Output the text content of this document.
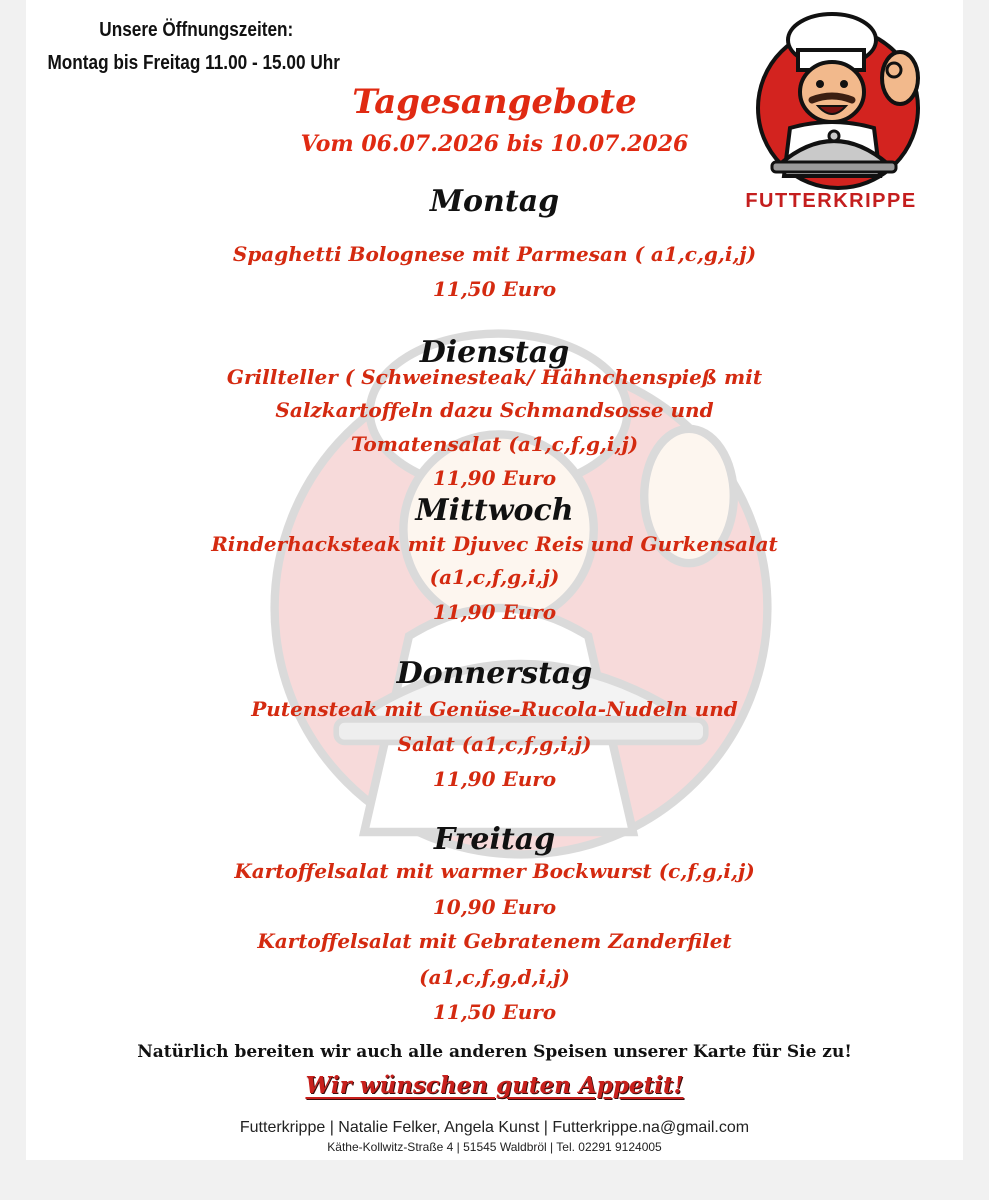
Unsere Öffnungszeiten:
Montag bis Freitag 11.00 - 15.00 Uhr
FUTTERKRIPPE
Tagesangebote
Vom 06.07.2026 bis 10.07.2026
Montag
Spaghetti Bolognese mit Parmesan ( a1,c,g,i,j)
11,50 Euro
Dienstag
Grillteller ( Schweinesteak/ Hähnchenspieß mit
Salzkartoffeln dazu Schmandsosse und
Tomatensalat (a1,c,f,g,i,j)
11,90 Euro
Mittwoch
Rinderhacksteak mit Djuvec Reis und Gurkensalat
(a1,c,f,g,i,j)
11,90 Euro
Donnerstag
Putensteak mit Genüse-Rucola-Nudeln und
Salat (a1,c,f,g,i,j)
11,90 Euro
Freitag
Kartoffelsalat mit warmer Bockwurst (c,f,g,i,j)
10,90 Euro
Kartoffelsalat mit Gebratenem Zanderfilet
(a1,c,f,g,d,i,j)
11,50 Euro
Natürlich bereiten wir auch alle anderen Speisen unserer Karte für Sie zu!
Wir wünschen guten Appetit!
Futterkrippe | Natalie Felker, Angela Kunst | Futterkrippe.na@gmail.com
Käthe-Kollwitz-Straße 4 | 51545 Waldbröl | Tel. 02291 9124005
